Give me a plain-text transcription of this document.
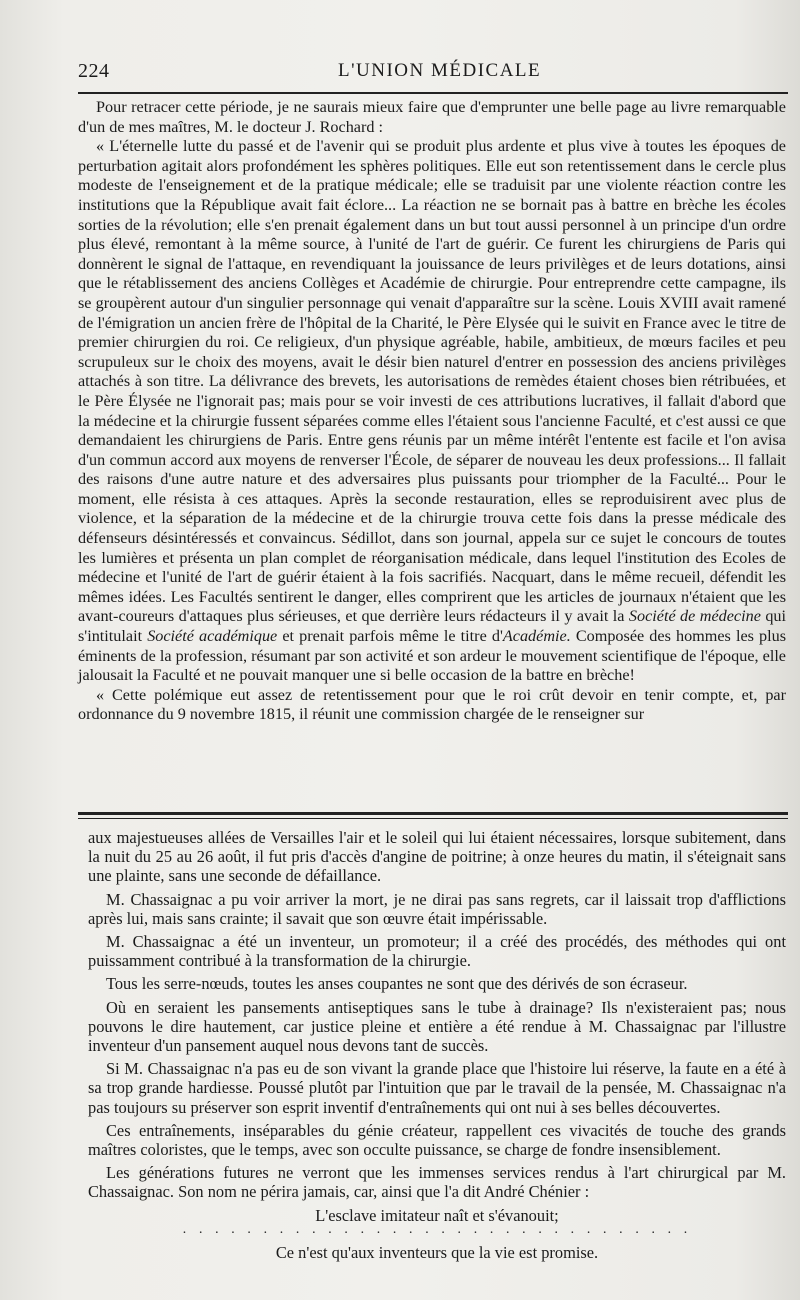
224	L'UNION MÉDICALE

Pour retracer cette période, je ne saurais mieux faire que d'emprunter une belle page au livre remarquable d'un de mes maîtres, M. le docteur J. Rochard :

« L'éternelle lutte du passé et de l'avenir qui se produit plus ardente et plus vive à toutes les époques de perturbation agitait alors profondément les sphères politiques. Elle eut son retentissement dans le cercle plus modeste de l'enseignement et de la pratique médicale; elle se traduisit par une violente réaction contre les institutions que la République avait fait éclore... La réaction ne se bornait pas à battre en brèche les écoles sorties de la révolution; elle s'en prenait également dans un but tout aussi personnel à un principe d'un ordre plus élevé, remontant à la même source, à l'unité de l'art de guérir. Ce furent les chirurgiens de Paris qui donnèrent le signal de l'attaque, en revendiquant la jouissance de leurs privilèges et de leurs dotations, ainsi que le rétablissement des anciens Collèges et Académie de chirurgie. Pour entreprendre cette campagne, ils se groupèrent autour d'un singulier personnage qui venait d'apparaître sur la scène. Louis XVIII avait ramené de l'émigration un ancien frère de l'hôpital de la Charité, le Père Elysée qui le suivit en France avec le titre de premier chirurgien du roi. Ce religieux, d'un physique agréable, habile, ambitieux, de mœurs faciles et peu scrupuleux sur le choix des moyens, avait le désir bien naturel d'entrer en possession des anciens privilèges attachés à son titre. La délivrance des brevets, les autorisations de remèdes étaient choses bien rétribuées, et le Père Élysée ne l'ignorait pas; mais pour se voir investi de ces attributions lucratives, il fallait d'abord que la médecine et la chirurgie fussent séparées comme elles l'étaient sous l'ancienne Faculté, et c'est aussi ce que demandaient les chirurgiens de Paris. Entre gens réunis par un même intérêt l'entente est facile et l'on avisa d'un commun accord aux moyens de renverser l'École, de séparer de nouveau les deux professions... Il fallait des raisons d'une autre nature et des adversaires plus puissants pour triompher de la Faculté... Pour le moment, elle résista à ces attaques. Après la seconde restauration, elles se reproduisirent avec plus de violence, et la séparation de la médecine et de la chirurgie trouva cette fois dans la presse médicale des défenseurs désintéressés et convaincus. Sédillot, dans son journal, appela sur ce sujet le concours de toutes les lumières et présenta un plan complet de réorganisation médicale, dans lequel l'institution des Ecoles de médecine et l'unité de l'art de guérir étaient à la fois sacrifiés. Nacquart, dans le même recueil, défendit les mêmes idées. Les Facultés sentirent le danger, elles comprirent que les articles de journaux n'étaient que les avant-coureurs d'attaques plus sérieuses, et que derrière leurs rédacteurs il y avait la Société de médecine qui s'intitulait Société académique et prenait parfois même le titre d'Académie. Composée des hommes les plus éminents de la profession, résumant par son activité et son ardeur le mouvement scientifique de l'époque, elle jalousait la Faculté et ne pouvait manquer une si belle occasion de la battre en brèche!

« Cette polémique eut assez de retentissement pour que le roi crût devoir en tenir compte, et, par ordonnance du 9 novembre 1815, il réunit une commission chargée de le renseigner sur

aux majestueuses allées de Versailles l'air et le soleil qui lui étaient nécessaires, lorsque subitement, dans la nuit du 25 au 26 août, il fut pris d'accès d'angine de poitrine; à onze heures du matin, il s'éteignait sans une plainte, sans une seconde de défaillance.

M. Chassaignac a pu voir arriver la mort, je ne dirai pas sans regrets, car il laissait trop d'afflictions après lui, mais sans crainte; il savait que son œuvre était impérissable.

M. Chassaignac a été un inventeur, un promoteur; il a créé des procédés, des méthodes qui ont puissamment contribué à la transformation de la chirurgie.

Tous les serre-nœuds, toutes les anses coupantes ne sont que des dérivés de son écraseur.

Où en seraient les pansements antiseptiques sans le tube à drainage? Ils n'existeraient pas; nous pouvons le dire hautement, car justice pleine et entière a été rendue à M. Chassaignac par l'illustre inventeur d'un pansement auquel nous devons tant de succès.

Si M. Chassaignac n'a pas eu de son vivant la grande place que l'histoire lui réserve, la faute en a été à sa trop grande hardiesse. Poussé plutôt par l'intuition que par le travail de la pensée, M. Chassaignac n'a pas toujours su préserver son esprit inventif d'entraînements qui ont nui à ses belles découvertes.

Ces entraînements, inséparables du génie créateur, rappellent ces vivacités de touche des grands maîtres coloristes, que le temps, avec son occulte puissance, se charge de fondre insensiblement.

Les générations futures ne verront que les immenses services rendus à l'art chirurgical par M. Chassaignac. Son nom ne périra jamais, car, ainsi que l'a dit André Chénier :

L'esclave imitateur naît et s'évanouit;

· · · · · · · · · · · · · · · · · · · · · · · · · · · · · · · ·

Ce n'est qu'aux inventeurs que la vie est promise.
